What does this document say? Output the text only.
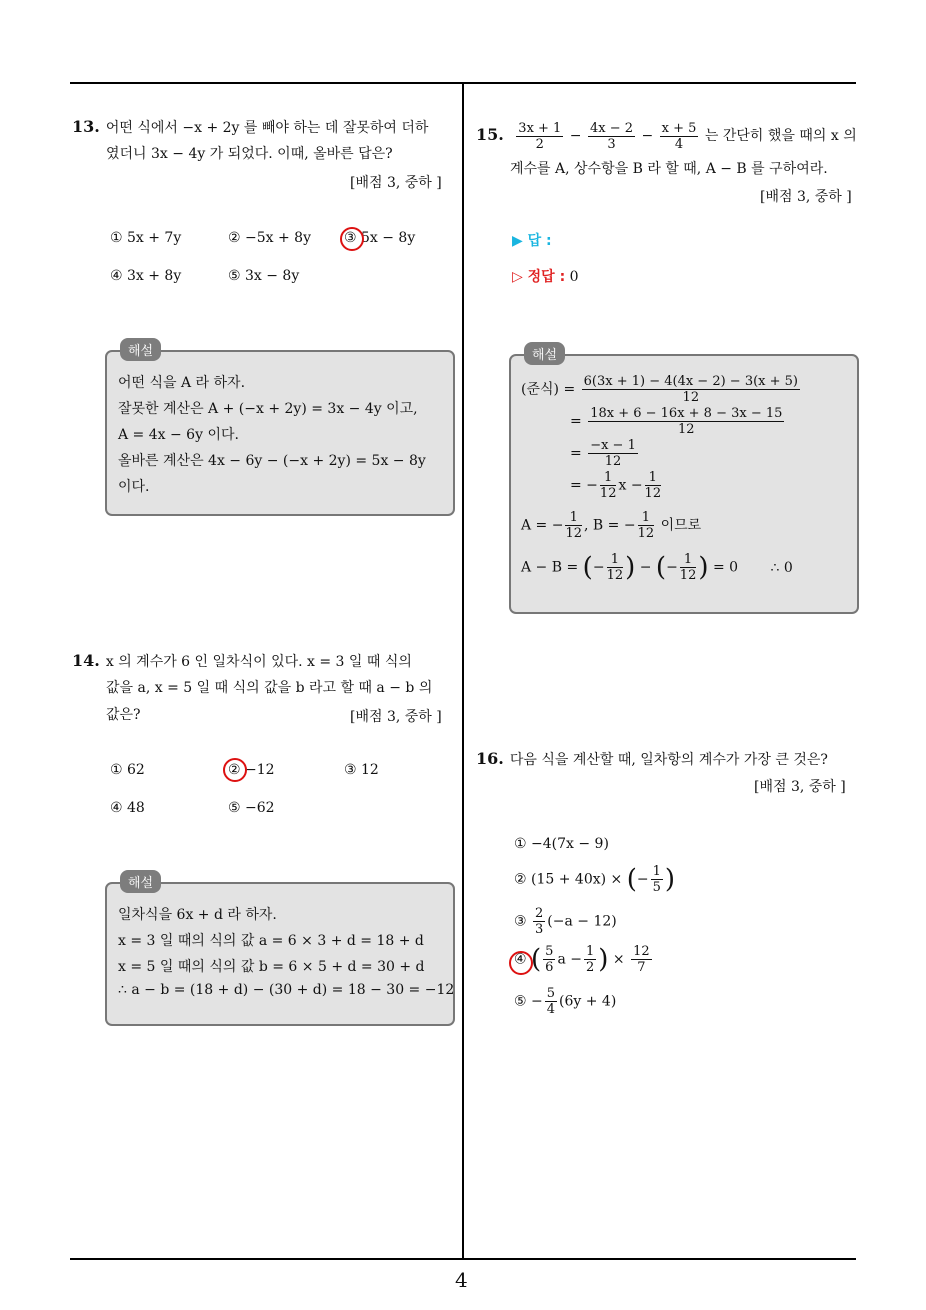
13. 어떤 식에서 −x + 2y 를 빼야 하는 데 잘못하여 더하
였더니 3x − 4y 가 되었다. 이때, 올바른 답은?
[배점 3, 중하 ]
① 5x + 7y	② −5x + 8y ③ 5x − 8y
④ 3x + 8y	⑤ 3x − 8y
해설
어떤 식을 A 라 하자.
잘못한 계산은 A + (−x + 2y) = 3x − 4y 이고,
A = 4x − 6y 이다.
올바른 계산은 4x − 6y − (−x + 2y) = 5x − 8y
이다.
14. x 의 계수가 6 인 일차식이 있다. x = 3 일 때 식의
값을 a, x = 5 일 때 식의 값을 b 라고 할 때 a − b 의
값은?	[배점 3, 중하 ]
① 62	② −12	③ 12
④ 48	⑤ −62
해설
일차식을 6x + d 라 하자.
x = 3 일 때의 식의 값 a = 6 × 3 + d = 18 + d
x = 5 일 때의 식의 값 b = 6 × 5 + d = 30 + d
∴ a − b = (18 + d) − (30 + d) = 18 − 30 = −12
15. $\frac{3x + 1}{2} - \frac{4x - 2}{3} - \frac{x + 5}{4}$ 는 간단히 했을 때의 x 의
계수를 A, 상수항을 B 라 할 때, A − B 를 구하여라.
[배점 3, 중하 ]
▶ 답 :
▷ 정답 : 0
해설
(준식) = $\frac{6(3x + 1) - 4(4x - 2) - 3(x + 5)}{12}$
= $\frac{18x + 6 - 16x + 8 - 3x - 15}{12}$
= $\frac{-x - 1}{12}$
= − $\frac{1}{12}$ $x - \frac{1}{12}$
A = − $\frac{1}{12}$ , B = − $\frac{1}{12}$ 이므로
A − B = (− $\frac{1}{12}$ ) − (− $\frac{1}{12}$ ) = 0 ∴ 0
16. 다음 식을 계산할 때, 일차항의 계수가 가장 큰 것은?
[배점 3, 중하 ]
① −4(7x − 9)
② (15 + 40x) × (− $\frac{1}{5}$ )
③ $\frac{2}{3} (-a - 12)$
④ ( $\frac{5}{6}$ $a - \frac{1}{2}$ ) × $\frac{12}{7}$
⑤ − $\frac{5}{4} (6y + 4)$
4
